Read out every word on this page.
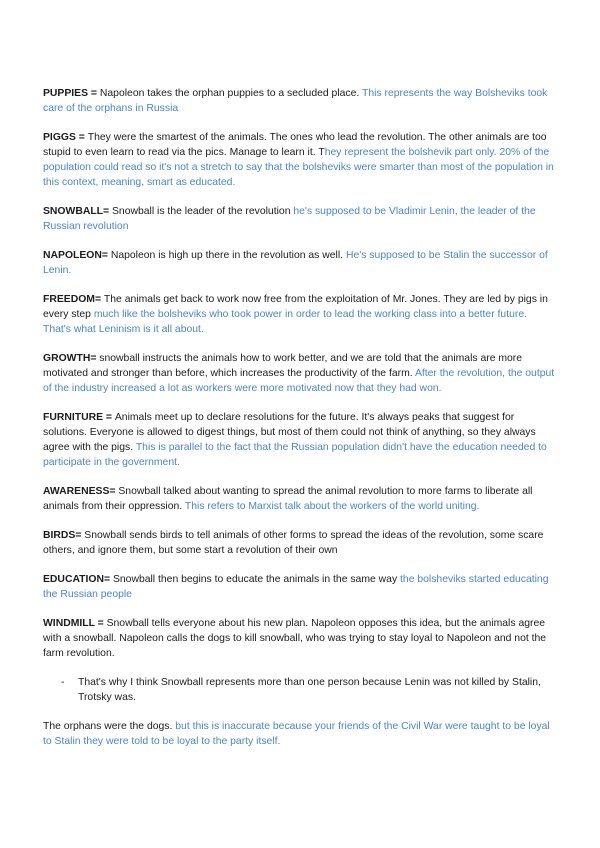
PUPPIES = Napoleon takes the orphan puppies to a secluded place. This represents the way Bolsheviks took care of the orphans in Russia

PIGGS = They were the smartest of the animals. The ones who lead the revolution. The other animals are too stupid to even learn to read via the pics. Manage to learn it. They represent the bolshevik part only. 20% of the population could read so it's not a stretch to say that the bolsheviks were smarter than most of the population in this context, meaning, smart as educated.

SNOWBALL= Snowball is the leader of the revolution he's supposed to be Vladimir Lenin, the leader of the Russian revolution

NAPOLEON= Napoleon is high up there in the revolution as well. He's supposed to be Stalin the successor of Lenin.

FREEDOM= The animals get back to work now free from the exploitation of Mr. Jones. They are led by pigs in every step much like the bolsheviks who took power in order to lead the working class into a better future. That's what Leninism is it all about.

GROWTH= snowball instructs the animals how to work better, and we are told that the animals are more motivated and stronger than before, which increases the productivity of the farm. After the revolution, the output of the industry increased a lot as workers were more motivated now that they had won.

FURNITURE = Animals meet up to declare resolutions for the future. It's always peaks that suggest for solutions. Everyone is allowed to digest things, but most of them could not think of anything, so they always agree with the pigs. This is parallel to the fact that the Russian population didn't have the education needed to participate in the government.

AWARENESS= Snowball talked about wanting to spread the animal revolution to more farms to liberate all animals from their oppression. This refers to Marxist talk about the workers of the world uniting.

BIRDS= Snowball sends birds to tell animals of other forms to spread the ideas of the revolution, some scare others, and ignore them, but some start a revolution of their own

EDUCATION= Snowball then begins to educate the animals in the same way the bolsheviks started educating the Russian people

WINDMILL = Snowball tells everyone about his new plan. Napoleon opposes this idea, but the animals agree with a snowball. Napoleon calls the dogs to kill snowball, who was trying to stay loyal to Napoleon and not the farm revolution.

-	That's why I think Snowball represents more than one person because Lenin was not killed by Stalin, Trotsky was.

The orphans were the dogs. but this is inaccurate because your friends of the Civil War were taught to be loyal to Stalin they were told to be loyal to the party itself.
